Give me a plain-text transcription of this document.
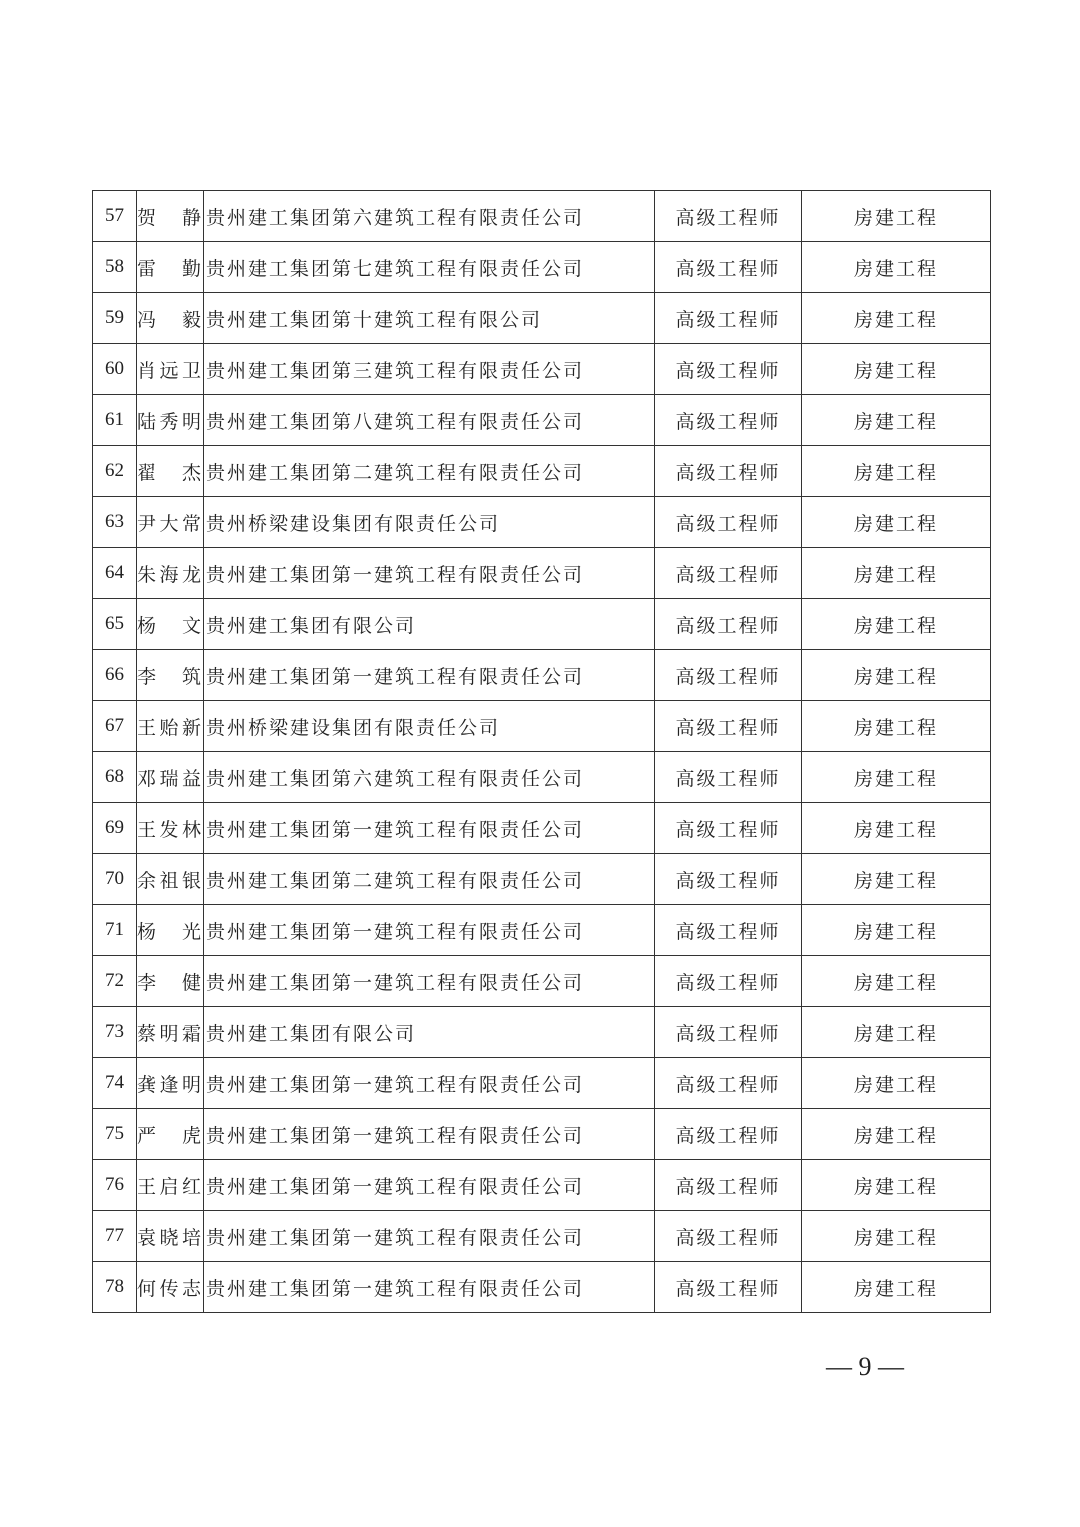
57	贺　静	贵州建工集团第六建筑工程有限责任公司	高级工程师	房建工程
58	雷　勤	贵州建工集团第七建筑工程有限责任公司	高级工程师	房建工程
59	冯　毅	贵州建工集团第十建筑工程有限公司	高级工程师	房建工程
60	肖远卫	贵州建工集团第三建筑工程有限责任公司	高级工程师	房建工程
61	陆秀明	贵州建工集团第八建筑工程有限责任公司	高级工程师	房建工程
62	翟　杰	贵州建工集团第二建筑工程有限责任公司	高级工程师	房建工程
63	尹大常	贵州桥梁建设集团有限责任公司	高级工程师	房建工程
64	朱海龙	贵州建工集团第一建筑工程有限责任公司	高级工程师	房建工程
65	杨　文	贵州建工集团有限公司	高级工程师	房建工程
66	李　筑	贵州建工集团第一建筑工程有限责任公司	高级工程师	房建工程
67	王贻新	贵州桥梁建设集团有限责任公司	高级工程师	房建工程
68	邓瑞益	贵州建工集团第六建筑工程有限责任公司	高级工程师	房建工程
69	王发林	贵州建工集团第一建筑工程有限责任公司	高级工程师	房建工程
70	余祖银	贵州建工集团第二建筑工程有限责任公司	高级工程师	房建工程
71	杨　光	贵州建工集团第一建筑工程有限责任公司	高级工程师	房建工程
72	李　健	贵州建工集团第一建筑工程有限责任公司	高级工程师	房建工程
73	蔡明霜	贵州建工集团有限公司	高级工程师	房建工程
74	龚逢明	贵州建工集团第一建筑工程有限责任公司	高级工程师	房建工程
75	严　虎	贵州建工集团第一建筑工程有限责任公司	高级工程师	房建工程
76	王启红	贵州建工集团第一建筑工程有限责任公司	高级工程师	房建工程
77	袁晓培	贵州建工集团第一建筑工程有限责任公司	高级工程师	房建工程
78	何传志	贵州建工集团第一建筑工程有限责任公司	高级工程师	房建工程
— 9 —
